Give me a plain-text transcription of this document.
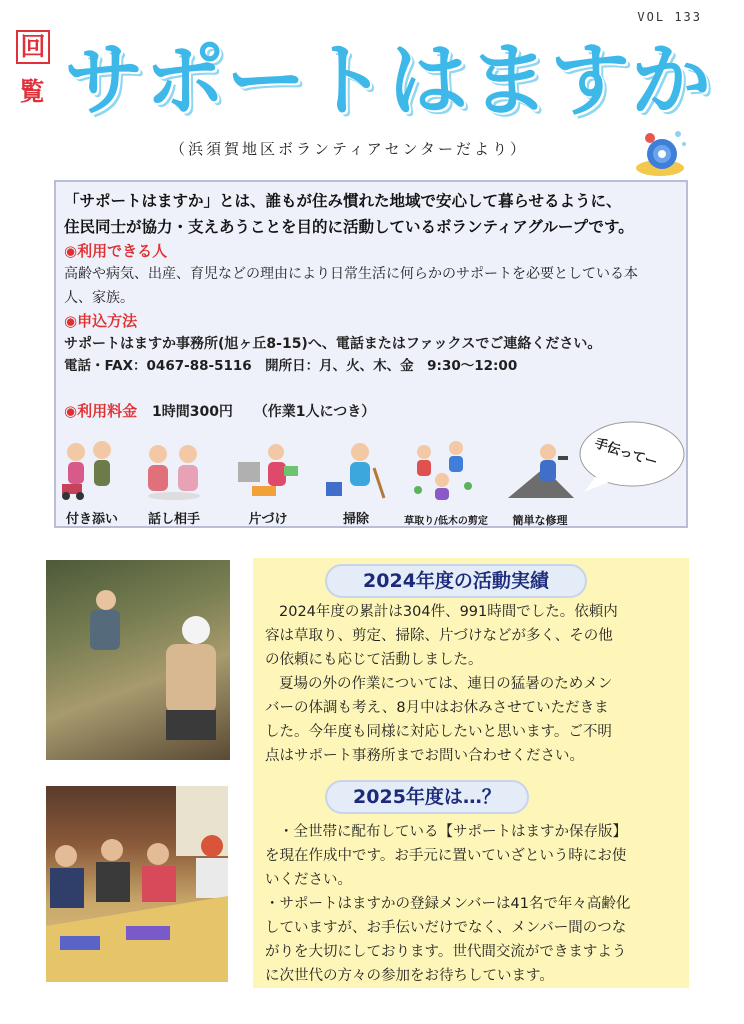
VOL 133
回
覧 サポートはますか
（浜須賀地区ボランティアセンターだより）
「サポートはますか」とは、誰もが住み慣れた地域で安心して暮らせるように、
住民同士が協力・支えあうことを目的に活動しているボランティアグループです。
◉利用できる人
高齢や病気、出産、育児などの理由により日常生活に何らかのサポートを必要としている本
人、家族。
◉申込方法
サポートはますか事務所(旭ヶ丘8-15)へ、電話またはファックスでご連絡ください。
電話・FAX：0467-88-5116　開所日：月、火、木、金　9:30〜12:00
◉利用料金 1時間300円 （作業1人につき）
付き添い	話し相手	片づけ	掃除	草取り/低木の剪定	簡単な修理
手伝ってー
2024年度の活動実績
2024年度の累計は304件、991時間でした。依頼内
容は草取り、剪定、掃除、片づけなどが多く、その他
の依頼にも応じて活動しました。
夏場の外の作業については、連日の猛暑のためメン
バーの体調も考え、8月中はお休みさせていただきま
した。今年度も同様に対応したいと思います。ご不明
点はサポート事務所までお問い合わせください。
2025年度は…？
・全世帯に配布している【サポートはますか保存版】
を現在作成中です。お手元に置いていざという時にお使
いください。
・サポートはますかの登録メンバーは41名で年々高齢化
していますが、お手伝いだけでなく、メンバー間のつな
がりを大切にしております。世代間交流ができますよう
に次世代の方々の参加をお待ちしています。
